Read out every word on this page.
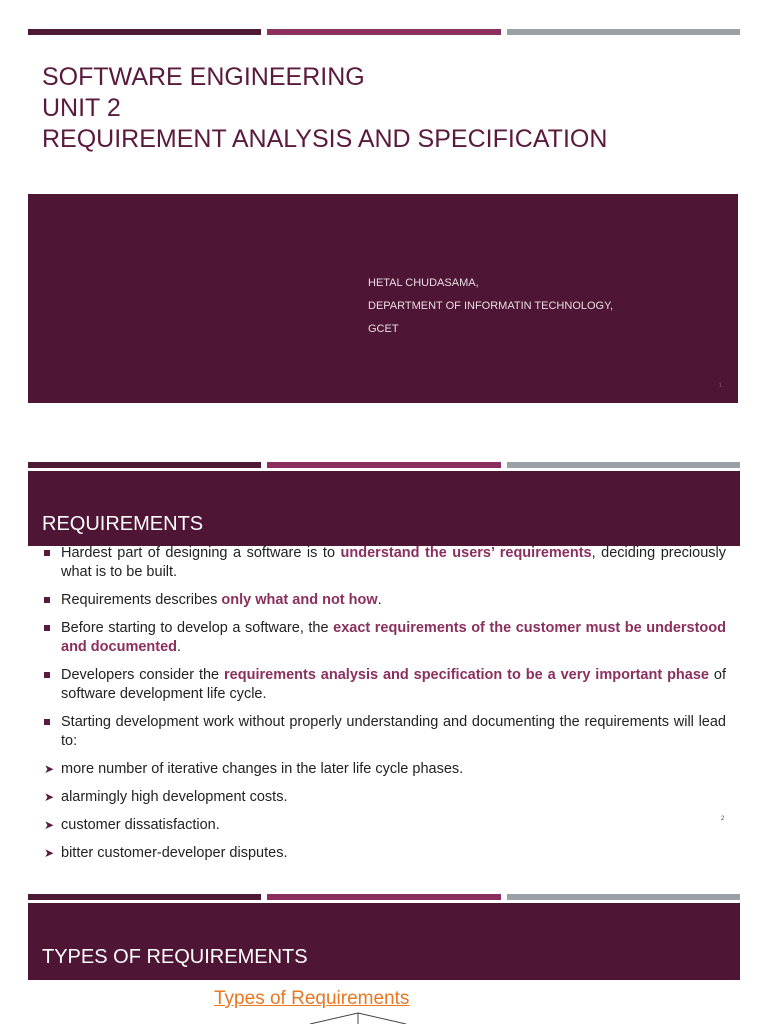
SOFTWARE ENGINEERING
UNIT 2
REQUIREMENT ANALYSIS AND SPECIFICATION
HETAL CHUDASAMA,
DEPARTMENT OF INFORMATIN TECHNOLOGY,
GCET
1
REQUIREMENTS
Hardest part of designing a software is to understand the users’ requirements, deciding preciously what is to be built.
Requirements describes only what and not how.
Before starting to develop a software, the exact requirements of the customer must be understood and documented.
Developers consider the requirements analysis and specification to be a very important phase of software development life cycle.
Starting development work without properly understanding and documenting the requirements will lead to:
➤ more number of iterative changes in the later life cycle phases.
➤ alarmingly high development costs.
➤ customer dissatisfaction.
➤ bitter customer-developer disputes.
2
TYPES OF REQUIREMENTS
Types of Requirements
